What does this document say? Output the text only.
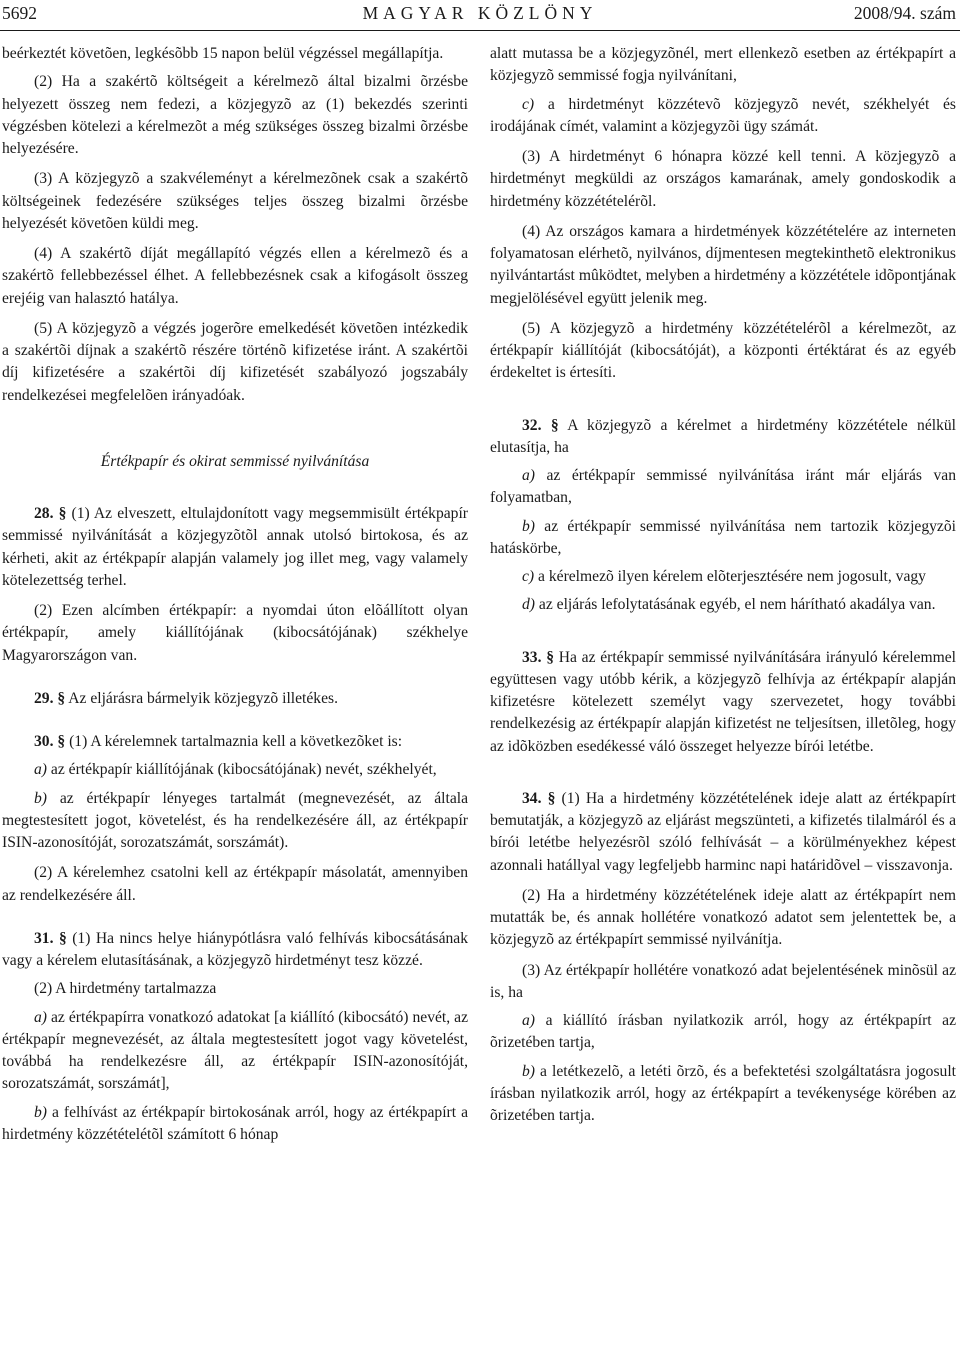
5692	MAGYAR KÖZLÖNY	2008/94. szám

beérkeztét követõen, legkésõbb 15 napon belül végzéssel megállapítja.

(2) Ha a szakértõ költségeit a kérelmezõ által bizalmi õrzésbe helyezett összeg nem fedezi, a közjegyzõ az (1) bekezdés szerinti végzésben kötelezi a kérelmezõt a még szükséges összeg bizalmi õrzésbe helyezésére.

(3) A közjegyzõ a szakvéleményt a kérelmezõnek csak a szakértõ költségeinek fedezésére szükséges teljes összeg bizalmi õrzésbe helyezését követõen küldi meg.

(4) A szakértõ díját megállapító végzés ellen a kérelmezõ és a szakértõ fellebbezéssel élhet. A fellebbezésnek csak a kifogásolt összeg erejéig van halasztó hatálya.

(5) A közjegyzõ a végzés jogerõre emelkedését követõen intézkedik a szakértõi díjnak a szakértõ részére történõ kifizetése iránt. A szakértõi díj kifizetésére a szakértõi díj kifizetését szabályozó jogszabály rendelkezései megfelelõen irányadóak.

Értékpapír és okirat semmissé nyilvánítása

28. § (1) Az elveszett, eltulajdonított vagy megsemmisült értékpapír semmissé nyilvánítását a közjegyzõtõl annak utolsó birtokosa, és az kérheti, akit az értékpapír alapján valamely jog illet meg, vagy valamely kötelezettség terhel.

(2) Ezen alcímben értékpapír: a nyomdai úton elõállított olyan értékpapír, amely kiállítójának (kibocsátójának) székhelye Magyarországon van.

29. § Az eljárásra bármelyik közjegyzõ illetékes.

30. § (1) A kérelemnek tartalmaznia kell a következõket is:

a) az értékpapír kiállítójának (kibocsátójának) nevét, székhelyét,

b) az értékpapír lényeges tartalmát (megnevezését, az általa megtestesített jogot, követelést, és ha rendelkezésére áll, az értékpapír ISIN-azonosítóját, sorozatszámát, sorszámát).

(2) A kérelemhez csatolni kell az értékpapír másolatát, amennyiben az rendelkezésére áll.

31. § (1) Ha nincs helye hiánypótlásra való felhívás kibocsátásának vagy a kérelem elutasításának, a közjegyzõ hirdetményt tesz közzé.

(2) A hirdetmény tartalmazza

a) az értékpapírra vonatkozó adatokat [a kiállító (kibocsátó) nevét, az értékpapír megnevezését, az általa megtestesített jogot vagy követelést, továbbá ha rendelkezésre áll, az értékpapír ISIN-azonosítóját, sorozatszámát, sorszámát],

b) a felhívást az értékpapír birtokosának arról, hogy az értékpapírt a hirdetmény közzétételétõl számított 6 hónap

alatt mutassa be a közjegyzõnél, mert ellenkezõ esetben az értékpapírt a közjegyzõ semmissé fogja nyilvánítani,

c) a hirdetményt közzétevõ közjegyzõ nevét, székhelyét és irodájának címét, valamint a közjegyzõi ügy számát.

(3) A hirdetményt 6 hónapra közzé kell tenni. A közjegyzõ a hirdetményt megküldi az országos kamarának, amely gondoskodik a hirdetmény közzétételérõl.

(4) Az országos kamara a hirdetmények közzétételére az interneten folyamatosan elérhetõ, nyilvános, díjmentesen megtekinthetõ elektronikus nyilvántartást mûködtet, melyben a hirdetmény a közzététele idõpontjának megjelölésével együtt jelenik meg.

(5) A közjegyzõ a hirdetmény közzétételérõl a kérelmezõt, az értékpapír kiállítóját (kibocsátóját), a központi értéktárat és az egyéb érdekeltet is értesíti.

32. § A közjegyzõ a kérelmet a hirdetmény közzététele nélkül elutasítja, ha

a) az értékpapír semmissé nyilvánítása iránt már eljárás van folyamatban,

b) az értékpapír semmissé nyilvánítása nem tartozik közjegyzõi hatáskörbe,

c) a kérelmezõ ilyen kérelem elõterjesztésére nem jogosult, vagy

d) az eljárás lefolytatásának egyéb, el nem hárítható akadálya van.

33. § Ha az értékpapír semmissé nyilvánítására irányuló kérelemmel együttesen vagy utóbb kérik, a közjegyzõ felhívja az értékpapír alapján kifizetésre kötelezett személyt vagy szervezetet, hogy további rendelkezésig az értékpapír alapján kifizetést ne teljesítsen, illetõleg, hogy az idõközben esedékessé váló összeget helyezze bírói letétbe.

34. § (1) Ha a hirdetmény közzétételének ideje alatt az értékpapírt bemutatják, a közjegyzõ az eljárást megszünteti, a kifizetés tilalmáról és a bírói letétbe helyezésrõl szóló felhívását – a körülményekhez képest azonnali hatállyal vagy legfeljebb harminc napi határidõvel – visszavonja.

(2) Ha a hirdetmény közzétételének ideje alatt az értékpapírt nem mutatták be, és annak hollétére vonatkozó adatot sem jelentettek be, a közjegyzõ az értékpapírt semmissé nyilvánítja.

(3) Az értékpapír hollétére vonatkozó adat bejelentésének minõsül az is, ha

a) a kiállító írásban nyilatkozik arról, hogy az értékpapírt az õrizetében tartja,

b) a letétkezelõ, a letéti õrzõ, és a befektetési szolgáltatásra jogosult írásban nyilatkozik arról, hogy az értékpapírt a tevékenysége körében az õrizetében tartja.
